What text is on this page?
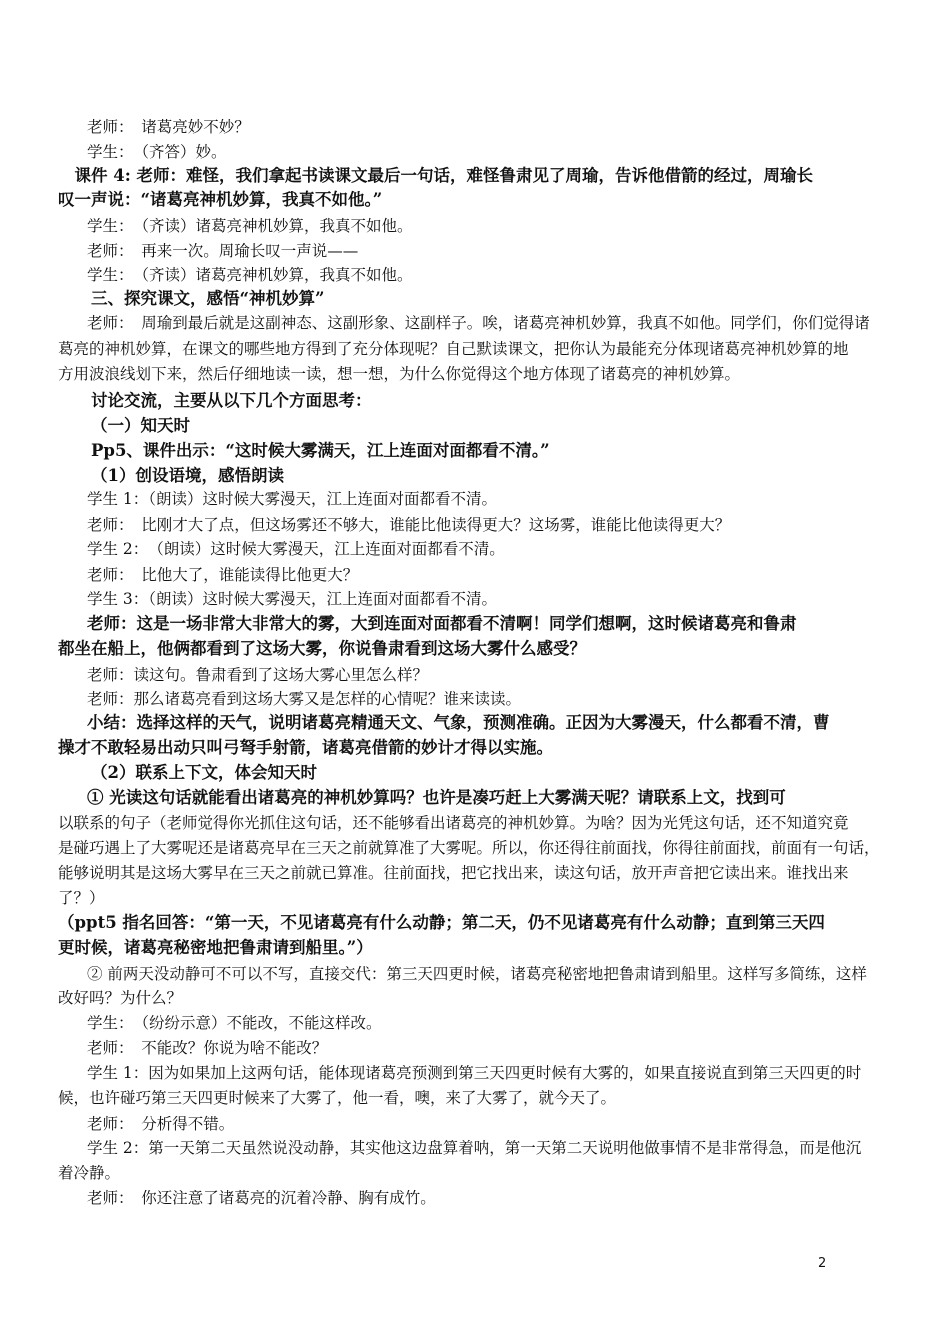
老师：　诸葛亮妙不妙？
学生：　（齐答）妙。
　课件 4: 老师：难怪，我们拿起书读课文最后一句话，难怪鲁肃见了周瑜，告诉他借箭的经过，周瑜长
叹一声说：“诸葛亮神机妙算，我真不如他。”
学生：　（齐读）诸葛亮神机妙算，我真不如他。
老师：　再来一次。周瑜长叹一声说——
学生：　（齐读）诸葛亮神机妙算，我真不如他。
三、探究课文，感悟“神机妙算”
老师：　周瑜到最后就是这副神态、这副形象、这副样子。唉，诸葛亮神机妙算，我真不如他。同学们，你们觉得诸
葛亮的神机妙算，在课文的哪些地方得到了充分体现呢？自己默读课文，把你认为最能充分体现诸葛亮神机妙算的地
方用波浪线划下来，然后仔细地读一读，想一想，为什么你觉得这个地方体现了诸葛亮的神机妙算。
讨论交流，主要从以下几个方面思考：
（一）知天时
Pp5、课件出示：“这时候大雾满天，江上连面对面都看不清。”
（1）创设语境，感悟朗读
学生 1：（朗读）这时候大雾漫天，江上连面对面都看不清。
老师：　比刚才大了点，但这场雾还不够大，谁能比他读得更大？这场雾，谁能比他读得更大？
学生 2：　（朗读）这时候大雾漫天，江上连面对面都看不清。
老师：　比他大了，谁能读得比他更大？
学生 3：（朗读）这时候大雾漫天，江上连面对面都看不清。
老师：这是一场非常大非常大的雾，大到连面对面都看不清啊！同学们想啊，这时候诸葛亮和鲁肃
都坐在船上，他俩都看到了这场大雾，你说鲁肃看到这场大雾什么感受？
老师：读这句。鲁肃看到了这场大雾心里怎么样？
老师：那么诸葛亮看到这场大雾又是怎样的心情呢？谁来读读。
小结：选择这样的天气，说明诸葛亮精通天文、气象，预测准确。正因为大雾漫天，什么都看不清，曹
操才不敢轻易出动只叫弓弩手射箭，诸葛亮借箭的妙计才得以实施。
（2）联系上下文，体会知天时
① 光读这句话就能看出诸葛亮的神机妙算吗？也许是凑巧赶上大雾满天呢？请联系上文，找到可
以联系的句子（老师觉得你光抓住这句话，还不能够看出诸葛亮的神机妙算。为啥？因为光凭这句话，还不知道究竟
是碰巧遇上了大雾呢还是诸葛亮早在三天之前就算准了大雾呢。所以，你还得往前面找，你得往前面找，前面有一句话，
能够说明其是这场大雾早在三天之前就已算准。往前面找，把它找出来，读这句话，放开声音把它读出来。谁找出来
了？）
（ppt5 指名回答：“第一天，不见诸葛亮有什么动静；第二天，仍不见诸葛亮有什么动静；直到第三天四
更时候，诸葛亮秘密地把鲁肃请到船里。”）
② 前两天没动静可不可以不写，直接交代：第三天四更时候，诸葛亮秘密地把鲁肃请到船里。这样写多简练，这样
改好吗？为什么？
学生：　（纷纷示意）不能改，不能这样改。
老师：　不能改？你说为啥不能改？
学生 1：因为如果加上这两句话，能体现诸葛亮预测到第三天四更时候有大雾的，如果直接说直到第三天四更的时
候，也许碰巧第三天四更时候来了大雾了，他一看，噢，来了大雾了，就今天了。
老师：　分析得不错。
学生 2：第一天第二天虽然说没动静，其实他这边盘算着呐，第一天第二天说明他做事情不是非常得急，而是他沉
着冷静。
老师：　你还注意了诸葛亮的沉着冷静、胸有成竹。
2
